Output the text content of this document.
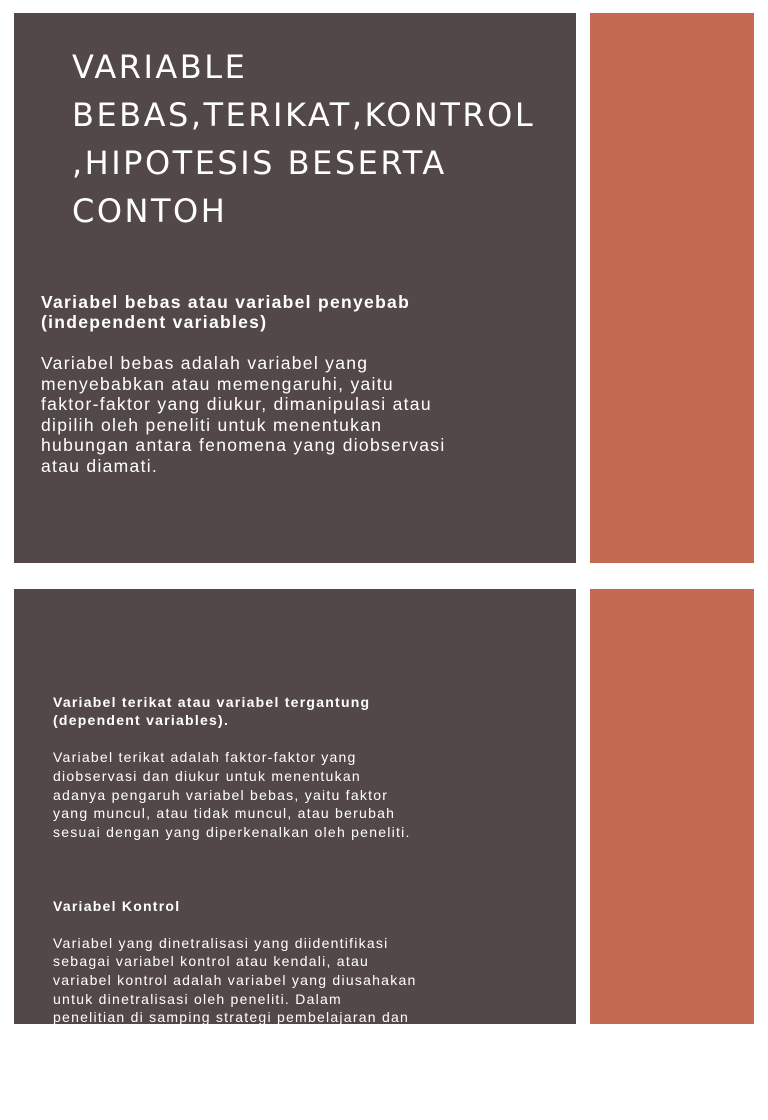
VARIABLE
BEBAS,TERIKAT,KONTROL
,HIPOTESIS BESERTA
CONTOH

Variabel bebas atau variabel penyebab
(independent variables)

Variabel bebas adalah variabel yang
menyebabkan atau memengaruhi, yaitu
faktor-faktor yang diukur, dimanipulasi atau
dipilih oleh peneliti untuk menentukan
hubungan antara fenomena yang diobservasi
atau diamati.

Variabel terikat atau variabel tergantung
(dependent variables).

Variabel terikat adalah faktor-faktor yang
diobservasi dan diukur untuk menentukan
adanya pengaruh variabel bebas, yaitu faktor
yang muncul, atau tidak muncul, atau berubah
sesuai dengan yang diperkenalkan oleh peneliti.

Variabel Kontrol

Variabel yang dinetralisasi yang diidentifikasi
sebagai variabel kontrol atau kendali, atau
variabel kontrol adalah variabel yang diusahakan
untuk dinetralisasi oleh peneliti. Dalam
penelitian di samping strategi pembelajaran dan
tingkat kecerdasan, peneliti juga
mempertimbangkan tingkat usia, misalnya
kelompok umur tertentu, maka umur dalam
penelitia ini dianggap sebagai variabel kendali.
